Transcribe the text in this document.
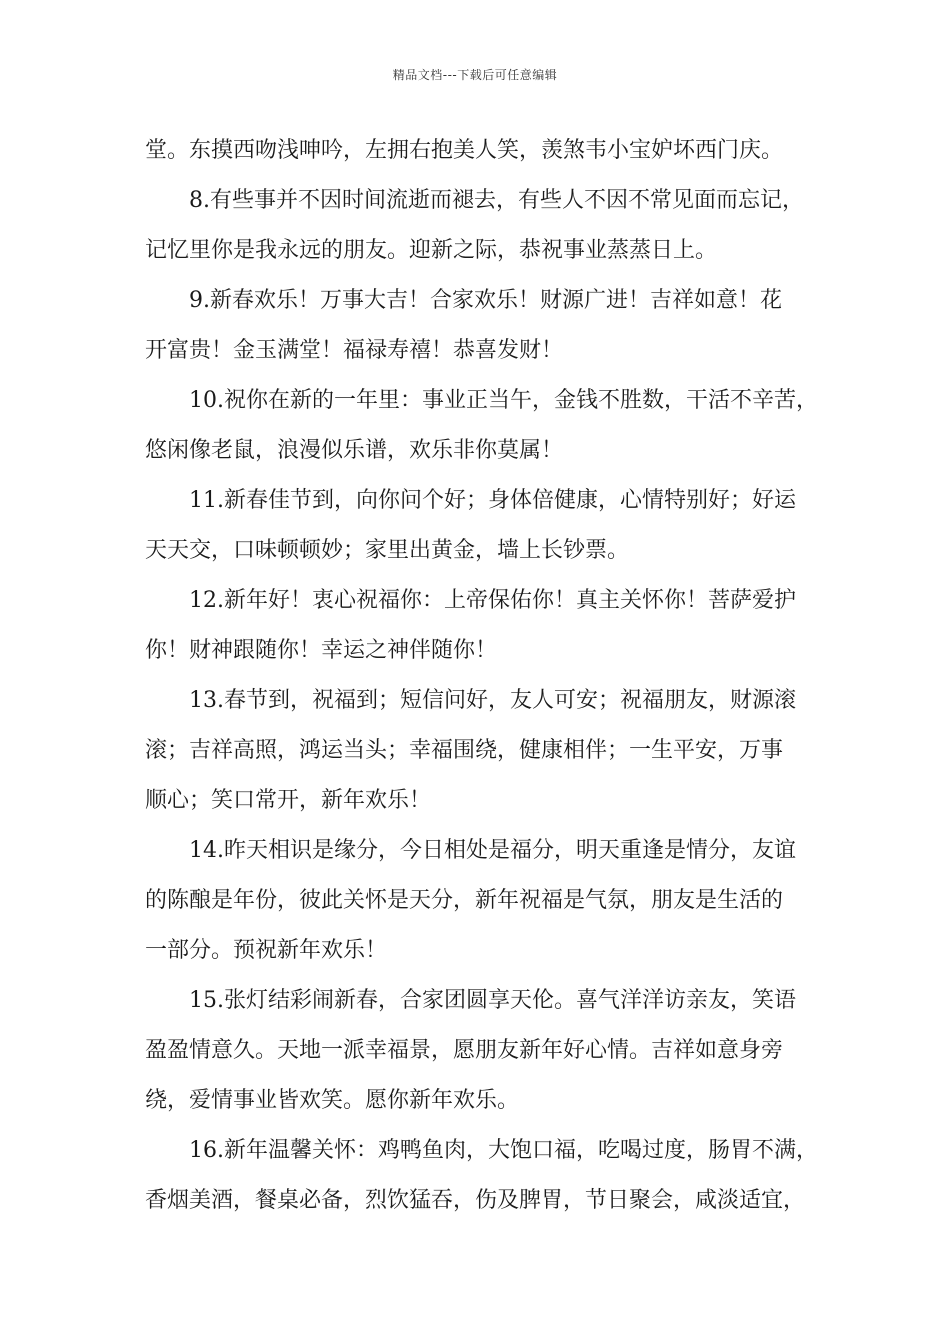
精品文档---下载后可任意编辑
堂。东摸西吻浅呻吟，左拥右抱美人笑，羡煞韦小宝妒坏西门庆。
8.有些事并不因时间流逝而褪去，有些人不因不常见面而忘记，
记忆里你是我永远的朋友。迎新之际，恭祝事业蒸蒸日上。
9.新春欢乐！万事大吉！合家欢乐！财源广进！吉祥如意！花
开富贵！金玉满堂！福禄寿禧！恭喜发财！
10.祝你在新的一年里：事业正当午，金钱不胜数，干活不辛苦，
悠闲像老鼠，浪漫似乐谱，欢乐非你莫属！
11.新春佳节到，向你问个好；身体倍健康，心情特别好；好运
天天交，口味顿顿妙；家里出黄金，墙上长钞票。
12.新年好！衷心祝福你：上帝保佑你！真主关怀你！菩萨爱护
你！财神跟随你！幸运之神伴随你！
13.春节到，祝福到；短信问好，友人可安；祝福朋友，财源滚
滚；吉祥高照，鸿运当头；幸福围绕，健康相伴；一生平安，万事
顺心；笑口常开，新年欢乐！
14.昨天相识是缘分，今日相处是福分，明天重逢是情分，友谊
的陈酿是年份，彼此关怀是天分，新年祝福是气氛，朋友是生活的
一部分。预祝新年欢乐！
15.张灯结彩闹新春，合家团圆享天伦。喜气洋洋访亲友，笑语
盈盈情意久。天地一派幸福景，愿朋友新年好心情。吉祥如意身旁
绕，爱情事业皆欢笑。愿你新年欢乐。
16.新年温馨关怀：鸡鸭鱼肉，大饱口福，吃喝过度，肠胃不满，
香烟美酒，餐桌必备，烈饮猛吞，伤及脾胃，节日聚会，咸淡适宜，
